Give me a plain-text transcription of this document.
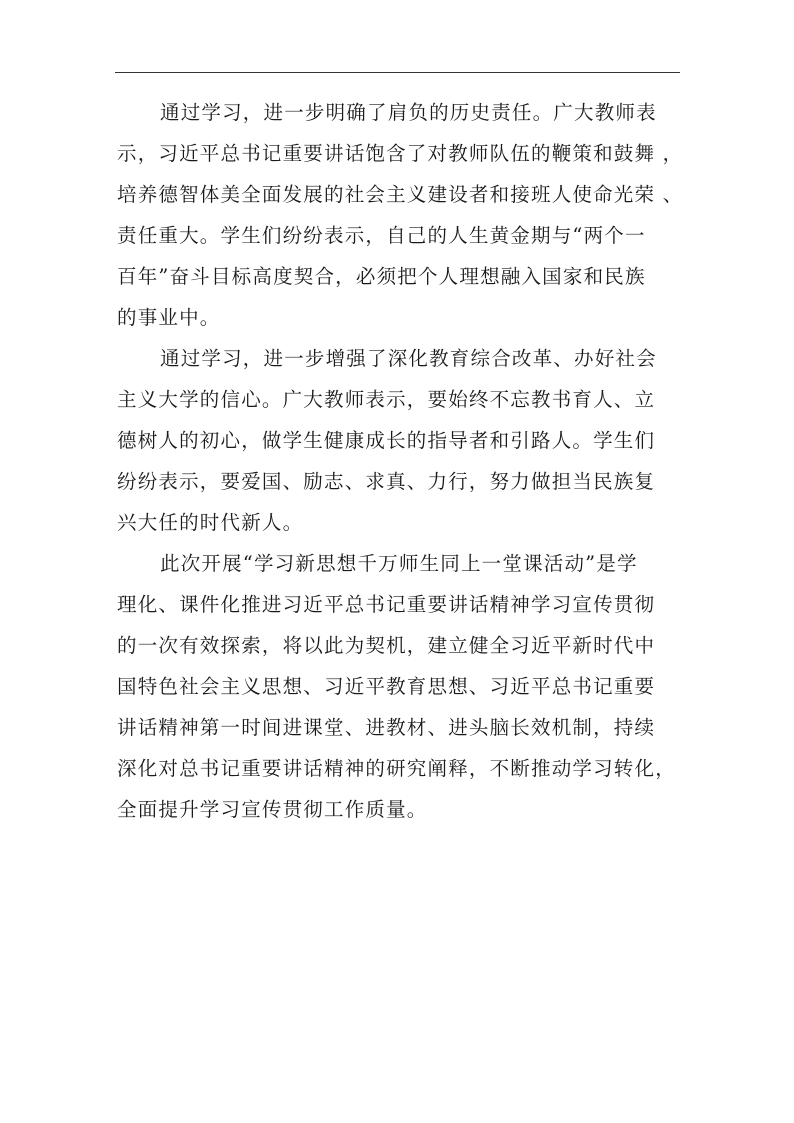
通过学习，进一步明确了肩负的历史责任。广大教师表
示，习近平总书记重要讲话饱含了对教师队伍的鞭策和鼓舞 ，
培养德智体美全面发展的社会主义建设者和接班人使命光荣 、
责任重大。学生们纷纷表示，自己的人生黄金期与“两个一
百年”奋斗目标高度契合，必须把个人理想融入国家和民族
的事业中。
通过学习，进一步增强了深化教育综合改革、办好社会
主义大学的信心。广大教师表示，要始终不忘教书育人、立
德树人的初心，做学生健康成长的指导者和引路人。学生们
纷纷表示，要爱国、励志、求真、力行，努力做担当民族复
兴大任的时代新人。
此次开展“学习新思想千万师生同上一堂课活动”是学
理化、课件化推进习近平总书记重要讲话精神学习宣传贯彻
的一次有效探索，将以此为契机，建立健全习近平新时代中
国特色社会主义思想、习近平教育思想、习近平总书记重要
讲话精神第一时间进课堂、进教材、进头脑长效机制，持续
深化对总书记重要讲话精神的研究阐释，不断推动学习转化，
全面提升学习宣传贯彻工作质量。
